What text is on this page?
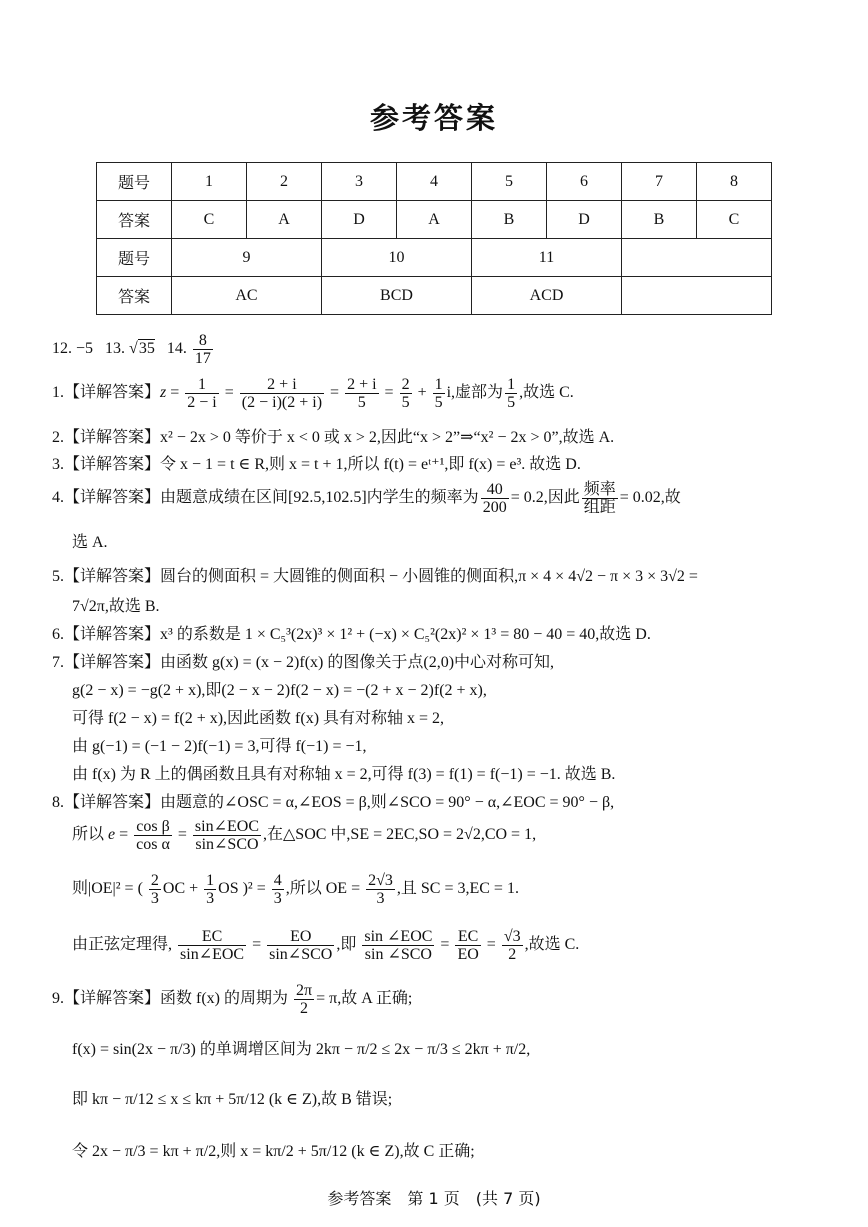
参考答案
题号	1	2	3	4	5	6	7	8
答案	C	A	D	A	B	D	B	C
题号	9		10		11			
答案	AC		BCD		ACD			
12. −5 13. √35 14. $\frac{8}{17}$
1.【详解答案】$z = \frac{1}{2 - i} = \frac{2 + i}{(2 - i)(2 + i)} = \frac{2 + i}{5} = \frac{2}{5} + \frac{1}{5} i$,虚部为 $\frac{1}{5}$ ,故选 C.
2.【详解答案】x² − 2x > 0 等价于 x < 0 或 x > 2,因此“x > 2”⇒“x² − 2x > 0”,故选 A.
3.【详解答案】令 x − 1 = t ∈ R,则 x = t + 1,所以 f(t) = eᵗ⁺¹,即 f(x) = e³. 故选 D.
4.【详解答案】由题意成绩在区间[92.5,102.5]内学生的频率为 $\frac{40}{200} = 0.2$,因此 $\frac{\text{频率}}{\text{组距}} = 0.02$,故
选 A.
5.【详解答案】圆台的侧面积 = 大圆锥的侧面积 − 小圆锥的侧面积,π × 4 × 4√2 − π × 3 × 3√2 =
7√2π,故选 B.
6.【详解答案】x³ 的系数是 1 × C₅³(2x)³ × 1² + (−x) × C₅²(2x)² × 1³ = 80 − 40 = 40,故选 D.
7.【详解答案】由函数 g(x) = (x − 2)f(x) 的图像关于点(2,0)中心对称可知,
g(2 − x) = −g(2 + x),即(2 − x − 2)f(2 − x) = −(2 + x − 2)f(2 + x),
可得 f(2 − x) = f(2 + x),因此函数 f(x) 具有对称轴 x = 2,
由 g(−1) = (−1 − 2)f(−1) = 3,可得 f(−1) = −1,
由 f(x) 为 R 上的偶函数且具有对称轴 x = 2,可得 f(3) = f(1) = f(−1) = −1. 故选 B.
8.【详解答案】由题意的∠OSC = α,∠EOS = β,则∠SCO = 90° − α,∠EOC = 90° − β,
所以 $e = \frac{\text{cos β}}{\text{cos α}} = \frac{\text{sin∠EOC}}{\text{sin∠SCO}}$ ,在△SOC 中,SE = 2EC,SO = 2√2,CO = 1,
则|OE|² = ( $\frac{2}{3}$ OC + $\frac{1}{3}$ OS )$^2 = \frac{4}{3}$ ,所以 OE = $\frac{2√3}{3}$ ,且 SC = 3,EC = 1.
由正弦定理得, $\frac{EC}{\text{sin∠EOC}} = \frac{EO}{\text{sin∠SCO}}$ ,即 $\frac{\text{sin ∠EOC}}{\text{sin ∠SCO}} = \frac{EC}{EO} = \frac{√3}{2}$ ,故选 C.
9.【详解答案】函数 f(x) 的周期为 $\frac{2\pi}{2} = \pi$,故 A 正确;
f(x) = sin(2x − π/3) 的单调增区间为 2kπ − π/2 ≤ 2x − π/3 ≤ 2kπ + π/2,
即 kπ − π/12 ≤ x ≤ kπ + 5π/12 (k ∈ Z),故 B 错误;
令 2x − π/3 = kπ + π/2,则 x = kπ/2 + 5π/12 (k ∈ Z),故 C 正确;
参考答案　第 1 页　(共 7 页)
